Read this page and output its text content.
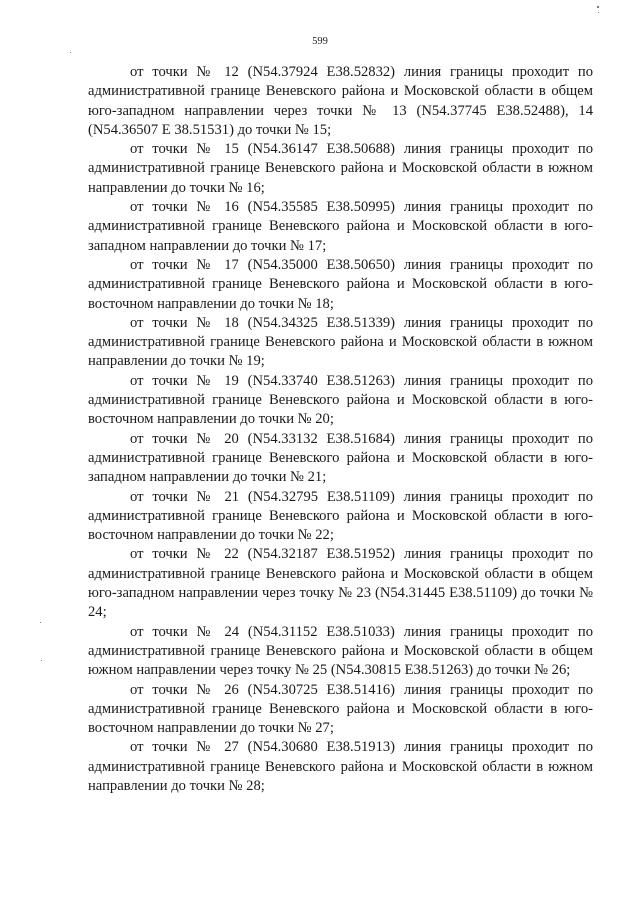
599

от точки № 12 (N54.37924 E38.52832) линия границы проходит по административной границе Веневского района и Московской области в общем юго-западном направлении через точки № 13 (N54.37745 E38.52488), 14 (N54.36507 E 38.51531) до точки № 15;

от точки № 15 (N54.36147 E38.50688) линия границы проходит по административной границе Веневского района и Московской области в южном направлении до точки № 16;

от точки № 16 (N54.35585 E38.50995) линия границы проходит по административной границе Веневского района и Московской области в юго-западном направлении до точки № 17;

от точки № 17 (N54.35000 E38.50650) линия границы проходит по административной границе Веневского района и Московской области в юго-восточном направлении до точки № 18;

от точки № 18 (N54.34325 E38.51339) линия границы проходит по административной границе Веневского района и Московской области в южном направлении до точки № 19;

от точки № 19 (N54.33740 E38.51263) линия границы проходит по административной границе Веневского района и Московской области в юго-восточном направлении до точки № 20;

от точки № 20 (N54.33132 E38.51684) линия границы проходит по административной границе Веневского района и Московской области в юго-западном направлении до точки № 21;

от точки № 21 (N54.32795 E38.51109) линия границы проходит по административной границе Веневского района и Московской области в юго-восточном направлении до точки № 22;

от точки № 22 (N54.32187 E38.51952) линия границы проходит по административной границе Веневского района и Московской области в общем юго-западном направлении через точку № 23 (N54.31445 E38.51109) до точки № 24;

от точки № 24 (N54.31152 E38.51033) линия границы проходит по административной границе Веневского района и Московской области в общем южном направлении через точку № 25 (N54.30815 E38.51263) до точки № 26;

от точки № 26 (N54.30725 E38.51416) линия границы проходит по административной границе Веневского района и Московской области в юго-восточном направлении до точки № 27;

от точки № 27 (N54.30680 E38.51913) линия границы проходит по административной границе Веневского района и Московской области в южном направлении до точки № 28;
